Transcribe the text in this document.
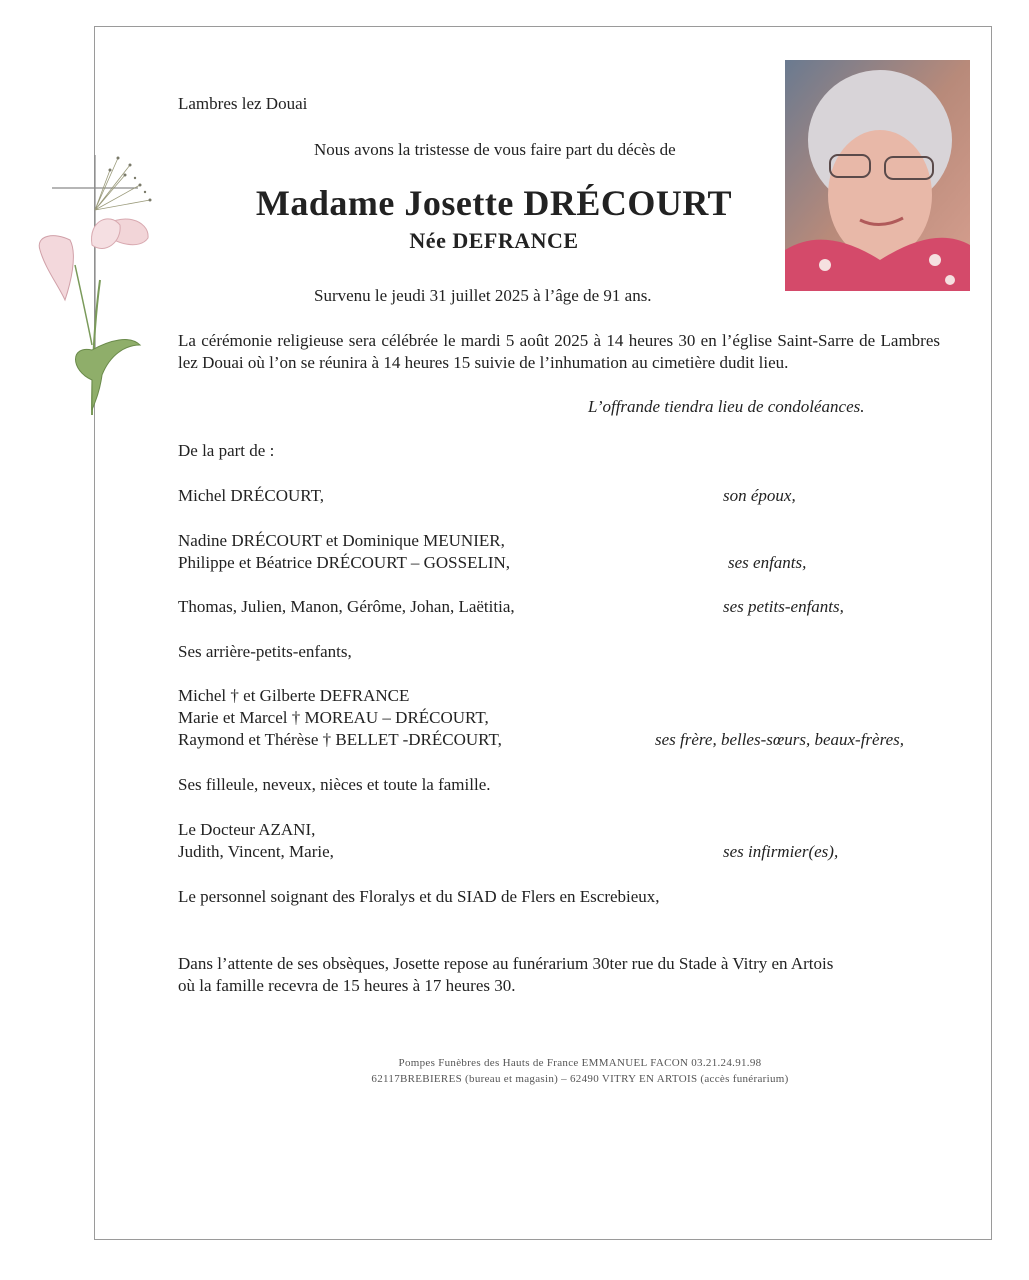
Lambres lez Douai
Nous avons la tristesse de vous faire part du décès de
Madame Josette DRÉCOURT
Née DEFRANCE
Survenu le jeudi 31 juillet 2025 à l’âge de 91 ans.
La cérémonie religieuse sera célébrée le mardi 5 août 2025 à 14 heures 30 en l’église Saint-Sarre de Lambres lez Douai où l’on se réunira à 14 heures 15 suivie de l’inhumation au cimetière dudit lieu.
L’offrande tiendra lieu de condoléances.
De la part de :
Michel DRÉCOURT,	son époux,
Nadine DRÉCOURT et Dominique MEUNIER,
Philippe et Béatrice DRÉCOURT – GOSSELIN,	ses enfants,
Thomas, Julien, Manon, Gérôme, Johan, Laëtitia,	ses petits-enfants,
Ses arrière-petits-enfants,
Michel † et Gilberte DEFRANCE
Marie et Marcel † MOREAU – DRÉCOURT,
Raymond et Thérèse † BELLET -DRÉCOURT,	ses frère, belles-sœurs, beaux-frères,
Ses filleule, neveux, nièces et toute la famille.
Le Docteur AZANI,
Judith, Vincent, Marie,	ses infirmier(es),
Le personnel soignant des Floralys et du SIAD de Flers en Escrebieux,
Dans l’attente de ses obsèques, Josette repose au funérarium 30ter rue du Stade à Vitry en Artois
où la famille recevra de 15 heures à 17 heures 30.
Pompes Funèbres des Hauts de France EMMANUEL FACON 03.21.24.91.98
62117BREBIERES (bureau et magasin) – 62490 VITRY EN ARTOIS (accès funérarium)
